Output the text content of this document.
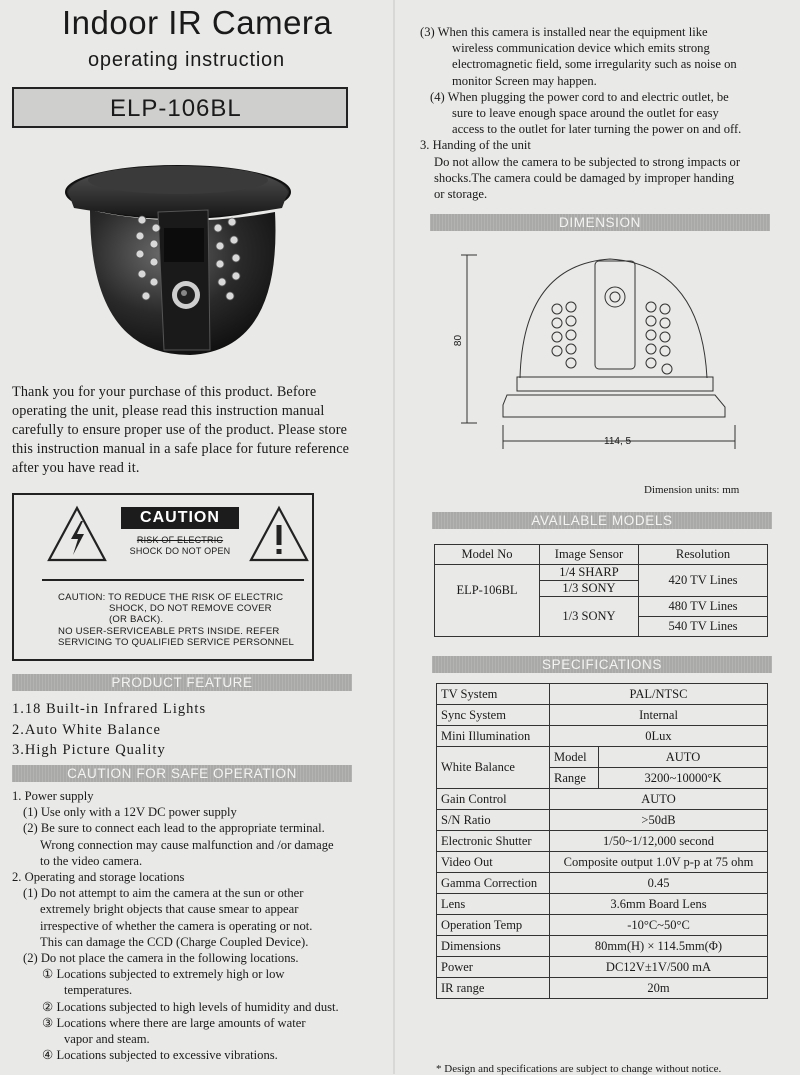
Indoor IR Camera
operating instruction
ELP-106BL
Thank you for your purchase of this product. Before operating the unit, please read this instruction manual carefully to ensure proper use of the product. Please store this instruction manual in a safe place for future reference after you have read it.
CAUTION
RISK OF ELECTRIC
SHOCK DO NOT OPEN
CAUTION: TO REDUCE THE RISK OF ELECTRIC
SHOCK, DO NOT REMOVE COVER
(OR BACK).
NO USER-SERVICEABLE PRTS INSIDE. REFER
SERVICING TO QUALIFIED SERVICE PERSONNEL
PRODUCT FEATURE
1.18 Built-in Infrared Lights
2.Auto White Balance
3.High Picture Quality
CAUTION FOR SAFE OPERATION
1. Power supply
(1) Use only with a 12V DC power supply
(2) Be sure to connect each lead to the appropriate terminal.
Wrong connection may cause malfunction and /or damage
to the video camera.
2. Operating and storage locations
(1) Do not attempt to aim the camera at the sun or other
extremely bright objects that cause smear to appear
irrespective of whether the camera is operating or not.
This can damage the CCD (Charge Coupled Device).
(2) Do not place the camera in the following locations.
① Locations subjected to extremely high or low
temperatures.
② Locations subjected to high levels of humidity and dust.
③ Locations where there are large amounts of water
vapor and steam.
④ Locations subjected to excessive vibrations.
(3) When this camera is installed near the equipment like
wireless communication device which emits strong
electromagnetic field, some irregularity such as noise on
monitor Screen may happen.
(4) When plugging the power cord to and electric outlet, be
sure to leave enough space around the outlet for easy
access to the outlet for later turning the power on and off.
3. Handing of the unit
Do not allow the camera to be subjected to strong impacts or
shocks.The camera could be damaged by improper handing
or storage.
DIMENSION
80
114, 5
Dimension units: mm
AVAILABLE MODELS
Model No	Image Sensor	Resolution
ELP-106BL	1/4 SHARP	420 TV Lines
	1/3 SONY	
	1/3 SONY	480 TV Lines
		540 TV Lines
SPECIFICATIONS
TV System	PAL/NTSC	
Sync System	Internal	
Mini Illumination	0Lux	
White Balance	Model	AUTO
	Range	3200~10000°K
Gain Control	AUTO	
S/N Ratio	>50dB	
Electronic Shutter	1/50~1/12,000 second	
Video Out	Composite output 1.0V p-p at 75 ohm	
Gamma Correction	0.45	
Lens	3.6mm Board Lens	
Operation Temp	-10°C~50°C	
Dimensions	80mm(H) × 114.5mm(Φ)	
Power	DC12V±1V/500 mA	
IR range	20m	
* Design and specifications are subject to change without notice.
